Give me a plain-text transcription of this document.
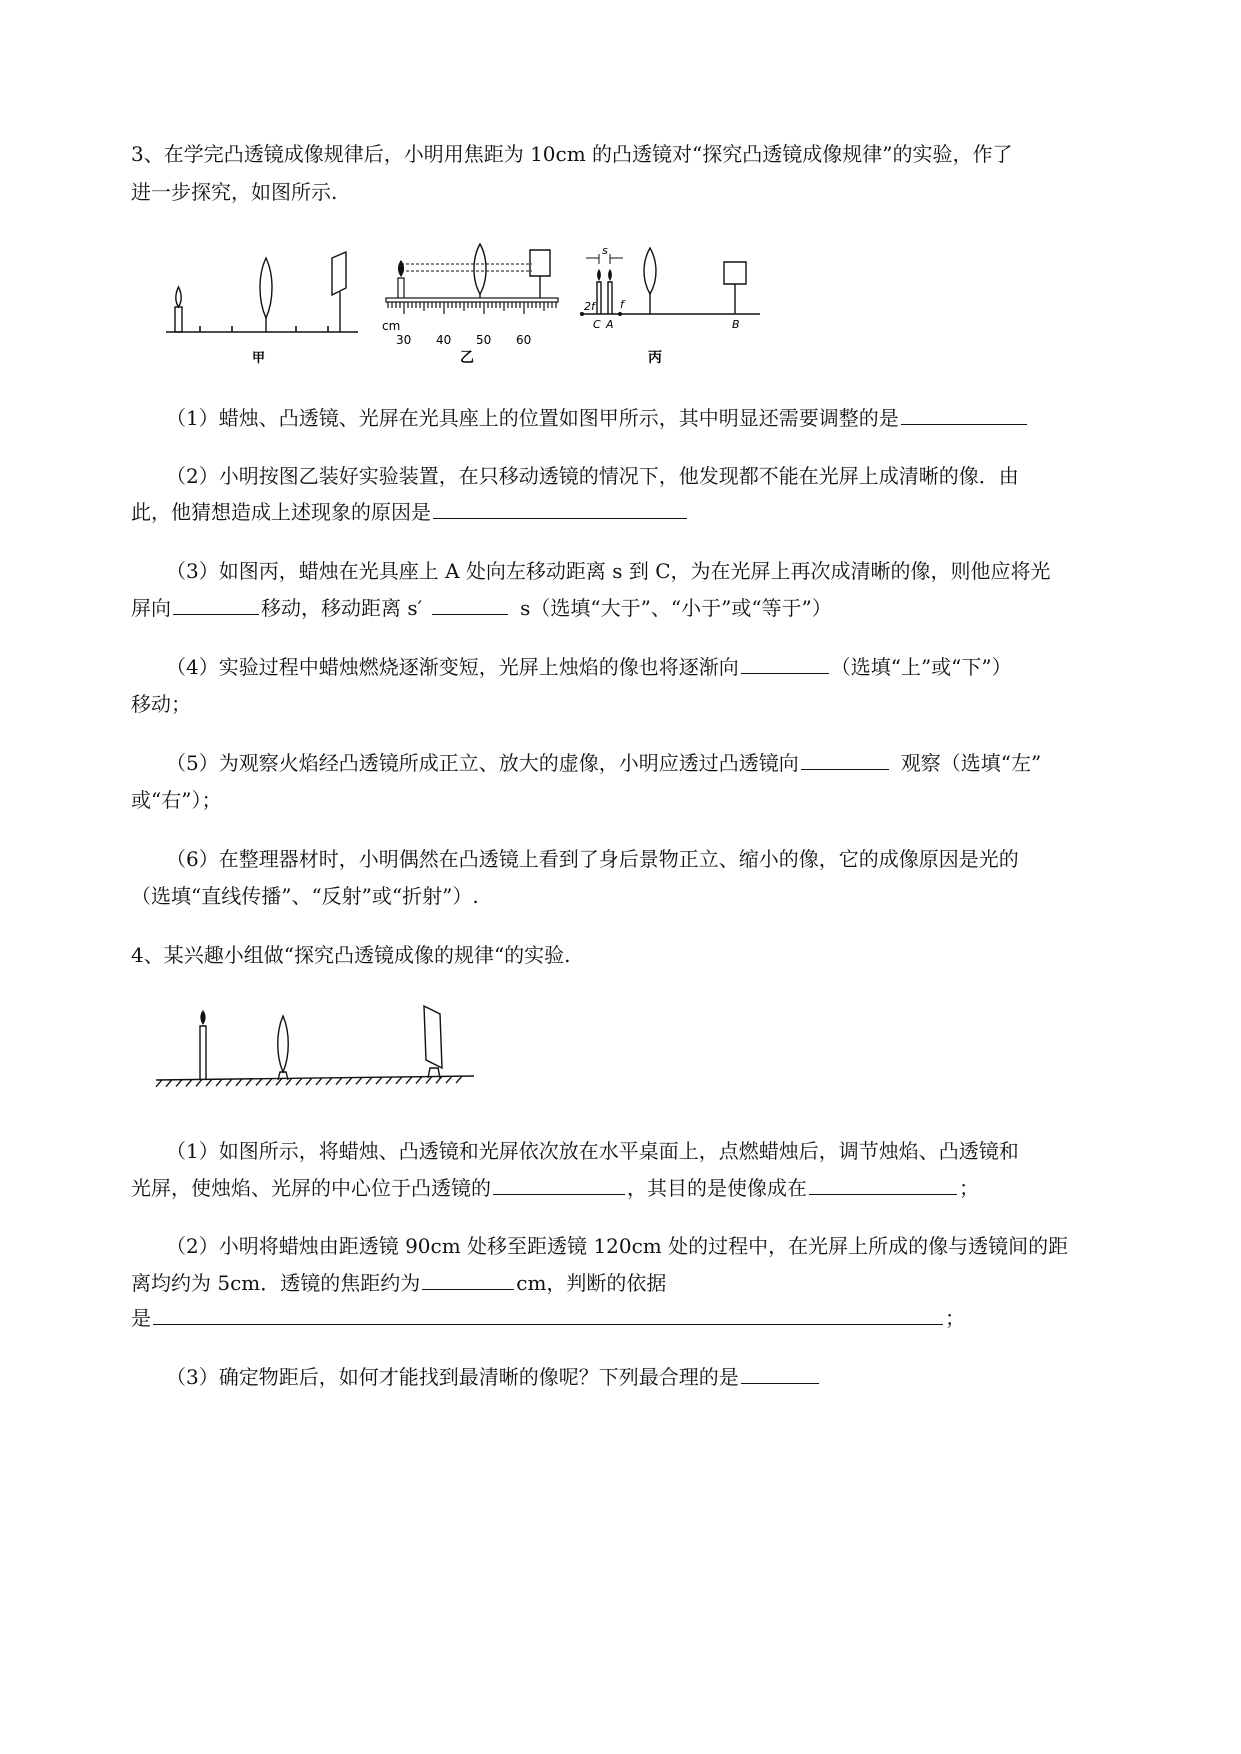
3、在学完凸透镜成像规律后，小明用焦距为 10cm 的凸透镜对“探究凸透镜成像规律”的实验，作了
进一步探究，如图所示.
甲
cm
30 40 50 60
乙
s
2f f
C A	B
丙
（1）蜡烛、凸透镜、光屏在光具座上的位置如图甲所示，其中明显还需要调整的是
（2）小明按图乙装好实验装置，在只移动透镜的情况下，他发现都不能在光屏上成清晰的像．由
此，他猜想造成上述现象的原因是
（3）如图丙，蜡烛在光具座上 A 处向左移动距离 s 到 C，为在光屏上再次成清晰的像，则他应将光
屏向	移动，移动距离 s′	s（选填“大于”、“小于”或“等于”）
（4）实验过程中蜡烛燃烧逐渐变短，光屏上烛焰的像也将逐渐向	（选填“上”或“下”）
移动；
（5）为观察火焰经凸透镜所成正立、放大的虚像，小明应透过凸透镜向	观察（选填“左”
或“右”）；
（6）在整理器材时，小明偶然在凸透镜上看到了身后景物正立、缩小的像，它的成像原因是光的
（选填“直线传播”、“反射”或“折射”）.
4、某兴趣小组做“探究凸透镜成像的规律“的实验.
（1）如图所示，将蜡烛、凸透镜和光屏依次放在水平桌面上，点燃蜡烛后，调节烛焰、凸透镜和
光屏，使烛焰、光屏的中心位于凸透镜的	，其目的是使像成在	；
（2）小明将蜡烛由距透镜 90cm 处移至距透镜 120cm 处的过程中，在光屏上所成的像与透镜间的距
离均约为 5cm．透镜的焦距约为	cm，判断的依据
是	；
（3）确定物距后，如何才能找到最清晰的像呢？下列最合理的是
